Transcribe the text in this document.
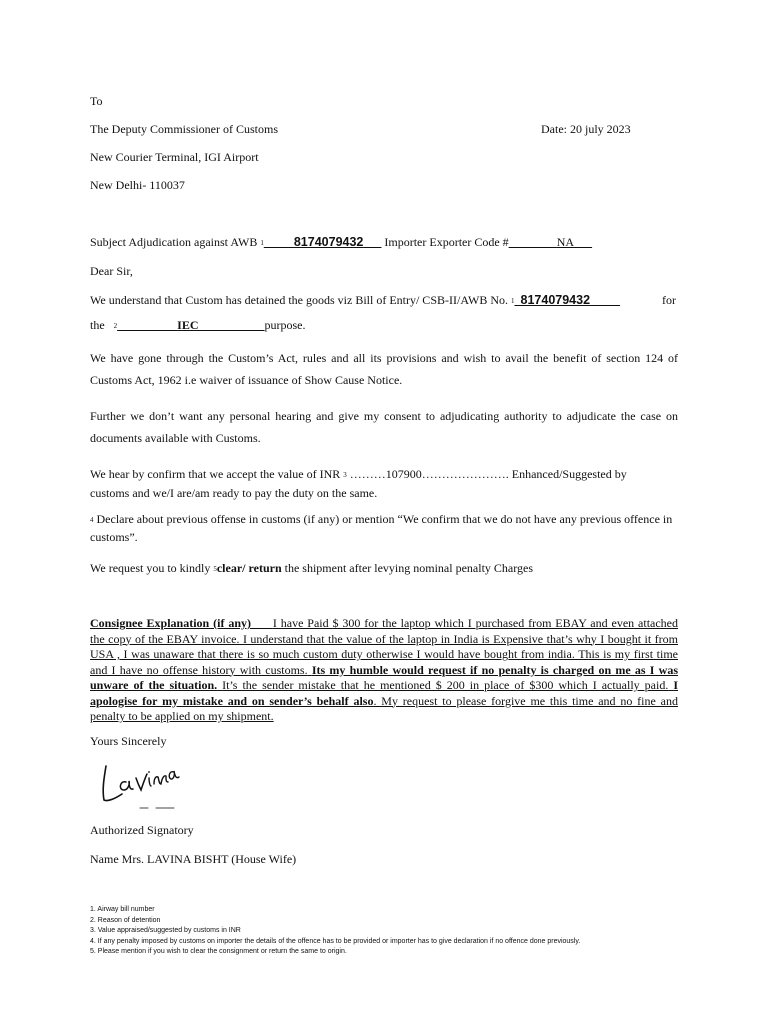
To
The Deputy Commissioner of Customs	Date: 20 july 2023
New Courier Terminal, IGI Airport
New Delhi- 110037
Subject Adjudication against AWB 1_____8174079432___ Importer Exporter Code #________NA___
Dear Sir,
We understand that Custom has detained the goods viz Bill of Entry/ CSB-II/AWB No. 1_8174079432_____	for
the 2__________IEC___________purpose.
We have gone through the Custom’s Act, rules and all its provisions and wish to avail the benefit of section 124 of Customs Act, 1962 i.e waiver of issuance of Show Cause Notice.
Further we don’t want any personal hearing and give my consent to adjudicating authority to adjudicate the case on documents available with Customs.
We hear by confirm that we accept the value of INR 3 ………107900…………………. Enhanced/Suggested by
customs and we/I are/am ready to pay the duty on the same.
4 Declare about previous offense in customs (if any) or mention “We confirm that we do not have any previous offence in customs”.
We request you to kindly 5clear/ return the shipment after levying nominal penalty Charges
Consignee Explanation (if any)___ I have Paid $ 300 for the laptop which I purchased from EBAY and even attached the copy of the EBAY invoice. I understand that the value of the laptop in India is Expensive that’s why I bought it from USA , I was unaware that there is so much custom duty otherwise I would have bought from india. This is my first time and I have no offense history with customs. Its my humble would request if no penalty is charged on me as I was unware of the situation. It’s the sender mistake that he mentioned $ 200 in place of $300 which I actually paid. I apologise for my mistake and on sender’s behalf also. My request to please forgive me this time and no fine and penalty to be applied on my shipment.
Yours Sincerely
Authorized Signatory
Name Mrs. LAVINA BISHT (House Wife)
1. Airway bill number
2. Reason of detention
3. Value appraised/suggested by customs in INR
4. If any penalty imposed by customs on importer the details of the offence has to be provided or importer has to give declaration if no offence done previously.
5. Please mention if you wish to clear the consignment or return the same to origin.
